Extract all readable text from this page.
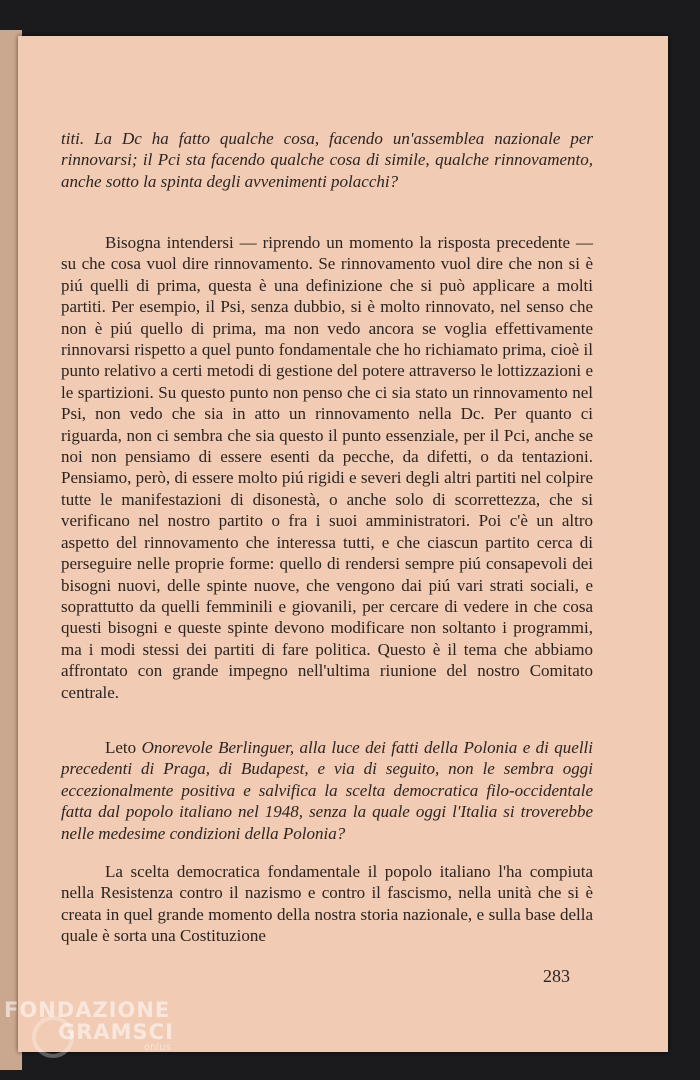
titi. La Dc ha fatto qualche cosa, facendo un'assemblea nazionale per rinnovarsi; il Pci sta facendo qualche cosa di simile, qualche rinnovamento, anche sotto la spinta degli avvenimenti polacchi?

Bisogna intendersi — riprendo un momento la risposta precedente — su che cosa vuol dire rinnovamento. Se rinnovamento vuol dire che non si è piú quelli di prima, questa è una definizione che si può applicare a molti partiti. Per esempio, il Psi, senza dubbio, si è molto rinnovato, nel senso che non è piú quello di prima, ma non vedo ancora se voglia effettivamente rinnovarsi rispetto a quel punto fondamentale che ho richiamato prima, cioè il punto relativo a certi metodi di gestione del potere attraverso le lottizzazioni e le spartizioni. Su questo punto non penso che ci sia stato un rinnovamento nel Psi, non vedo che sia in atto un rinnovamento nella Dc. Per quanto ci riguarda, non ci sembra che sia questo il punto essenziale, per il Pci, anche se noi non pensiamo di essere esenti da pecche, da difetti, o da tentazioni. Pensiamo, però, di essere molto piú rigidi e severi degli altri partiti nel colpire tutte le manifestazioni di disonestà, o anche solo di scorrettezza, che si verificano nel nostro partito o fra i suoi amministratori. Poi c'è un altro aspetto del rinnovamento che interessa tutti, e che ciascun partito cerca di perseguire nelle proprie forme: quello di rendersi sempre piú consapevoli dei bisogni nuovi, delle spinte nuove, che vengono dai piú vari strati sociali, e soprattutto da quelli femminili e giovanili, per cercare di vedere in che cosa questi bisogni e queste spinte devono modificare non soltanto i programmi, ma i modi stessi dei partiti di fare politica. Questo è il tema che abbiamo affrontato con grande impegno nell'ultima riunione del nostro Comitato centrale.

Leto Onorevole Berlinguer, alla luce dei fatti della Polonia e di quelli precedenti di Praga, di Budapest, e via di seguito, non le sembra oggi eccezionalmente positiva e salvifica la scelta democratica filo-occidentale fatta dal popolo italiano nel 1948, senza la quale oggi l'Italia si troverebbe nelle medesime condizioni della Polonia?

La scelta democratica fondamentale il popolo italiano l'ha compiuta nella Resistenza contro il nazismo e contro il fascismo, nella unità che si è creata in quel grande momento della nostra storia nazionale, e sulla base della quale è sorta una Costituzione

283
FONDAZIONE
GRAMSCI
onlus
